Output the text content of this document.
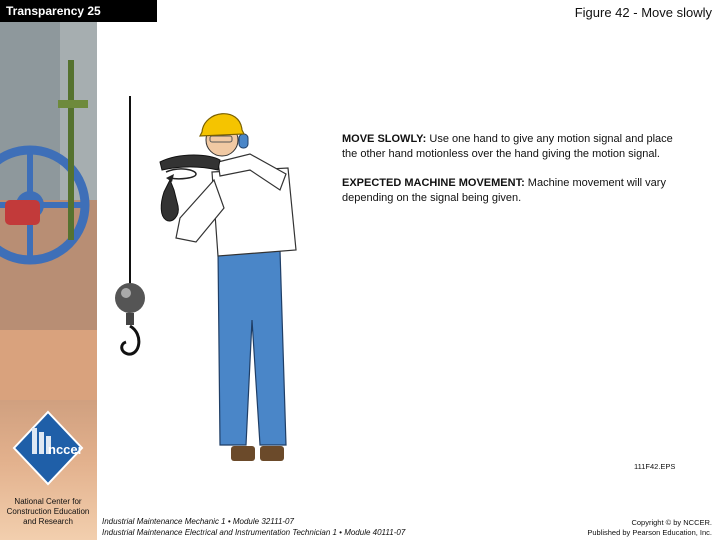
nccer
National Center for Construction Education and Research
Transparency 25	Figure 42 - Move slowly

MOVE SLOWLY: Use one hand to give any motion signal and place the other hand motionless over the hand giving the motion signal.

EXPECTED MACHINE MOVEMENT: Machine movement will vary depending on the signal being given.

111F42.EPS
Industrial Maintenance Mechanic 1 • Module 32111-07
Industrial Maintenance Electrical and Instrumentation Technician 1 • Module 40111-07
Copyright © by NCCER.
Published by Pearson Education, Inc.
